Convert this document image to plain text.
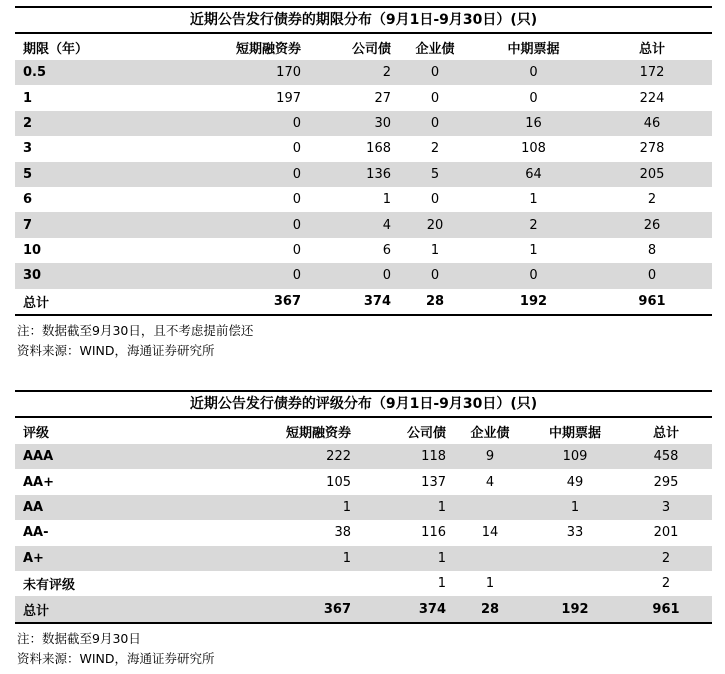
近期公告发行债券的期限分布（9月1日-9月30日）(只)
期限（年）	短期融资券	公司债	企业债	中期票据	总计
0.5	170	2	0	0	172
1	197	27	0	0	224
2	0	30	0	16	46
3	0	168	2	108	278
5	0	136	5	64	205
6	0	1	0	1	2
7	0	4	20	2	26
10	0	6	1	1	8
30	0	0	0	0	0
总计	367	374	28	192	961
注：数据截至9月30日，且不考虑提前偿还
资料来源：WIND，海通证券研究所
近期公告发行债券的评级分布（9月1日-9月30日）(只)
评级	短期融资券	公司债	企业债	中期票据	总计
AAA	222	118	9	109	458
AA+	105	137	4	49	295
AA	1	1		1	3
AA-	38	116	14	33	201
A+	1	1			2
未有评级		1	1		2
总计	367	374	28	192	961
注：数据截至9月30日
资料来源：WIND，海通证券研究所
